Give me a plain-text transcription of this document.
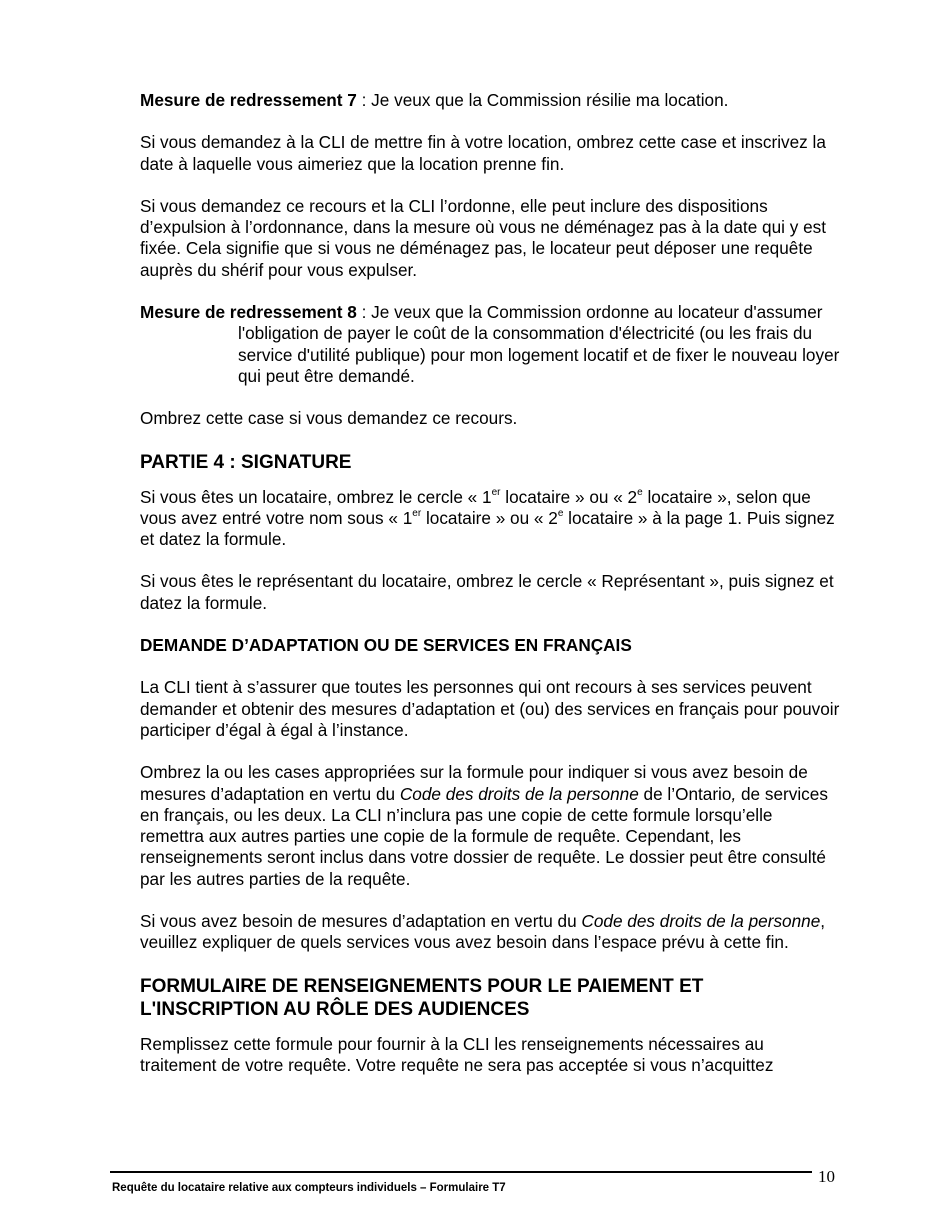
Mesure de redressement 7 : Je veux que la Commission résilie ma location.

Si vous demandez à la CLI de mettre fin à votre location, ombrez cette case et inscrivez la date à laquelle vous aimeriez que la location prenne fin.

Si vous demandez ce recours et la CLI l’ordonne, elle peut inclure des dispositions d’expulsion à l’ordonnance, dans la mesure où vous ne déménagez pas à la date qui y est fixée. Cela signifie que si vous ne déménagez pas, le locateur peut déposer une requête auprès du shérif pour vous expulser.

Mesure de redressement 8 : Je veux que la Commission ordonne au locateur d'assumer l'obligation de payer le coût de la consommation d'électricité (ou les frais du service d'utilité publique) pour mon logement locatif et de fixer le nouveau loyer qui peut être demandé.

Ombrez cette case si vous demandez ce recours.

PARTIE 4 : SIGNATURE

Si vous êtes un locataire, ombrez le cercle « 1er locataire » ou « 2e locataire », selon que vous avez entré votre nom sous « 1er locataire » ou « 2e locataire » à la page 1. Puis signez et datez la formule.

Si vous êtes le représentant du locataire, ombrez le cercle « Représentant », puis signez et datez la formule.

DEMANDE D’ADAPTATION OU DE SERVICES EN FRANÇAIS

La CLI tient à s’assurer que toutes les personnes qui ont recours à ses services peuvent demander et obtenir des mesures d’adaptation et (ou) des services en français pour pouvoir participer d’égal à égal à l’instance.

Ombrez la ou les cases appropriées sur la formule pour indiquer si vous avez besoin de mesures d’adaptation en vertu du Code des droits de la personne de l’Ontario, de services en français, ou les deux. La CLI n’inclura pas une copie de cette formule lorsqu’elle remettra aux autres parties une copie de la formule de requête. Cependant, les renseignements seront inclus dans votre dossier de requête. Le dossier peut être consulté par les autres parties de la requête.

Si vous avez besoin de mesures d’adaptation en vertu du Code des droits de la personne, veuillez expliquer de quels services vous avez besoin dans l’espace prévu à cette fin.

FORMULAIRE DE RENSEIGNEMENTS POUR LE PAIEMENT ET
L'INSCRIPTION AU RÔLE DES AUDIENCES

Remplissez cette formule pour fournir à la CLI les renseignements nécessaires au traitement de votre requête. Votre requête ne sera pas acceptée si vous n’acquittez

Requête du locataire relative aux compteurs individuels – Formulaire T7
10
